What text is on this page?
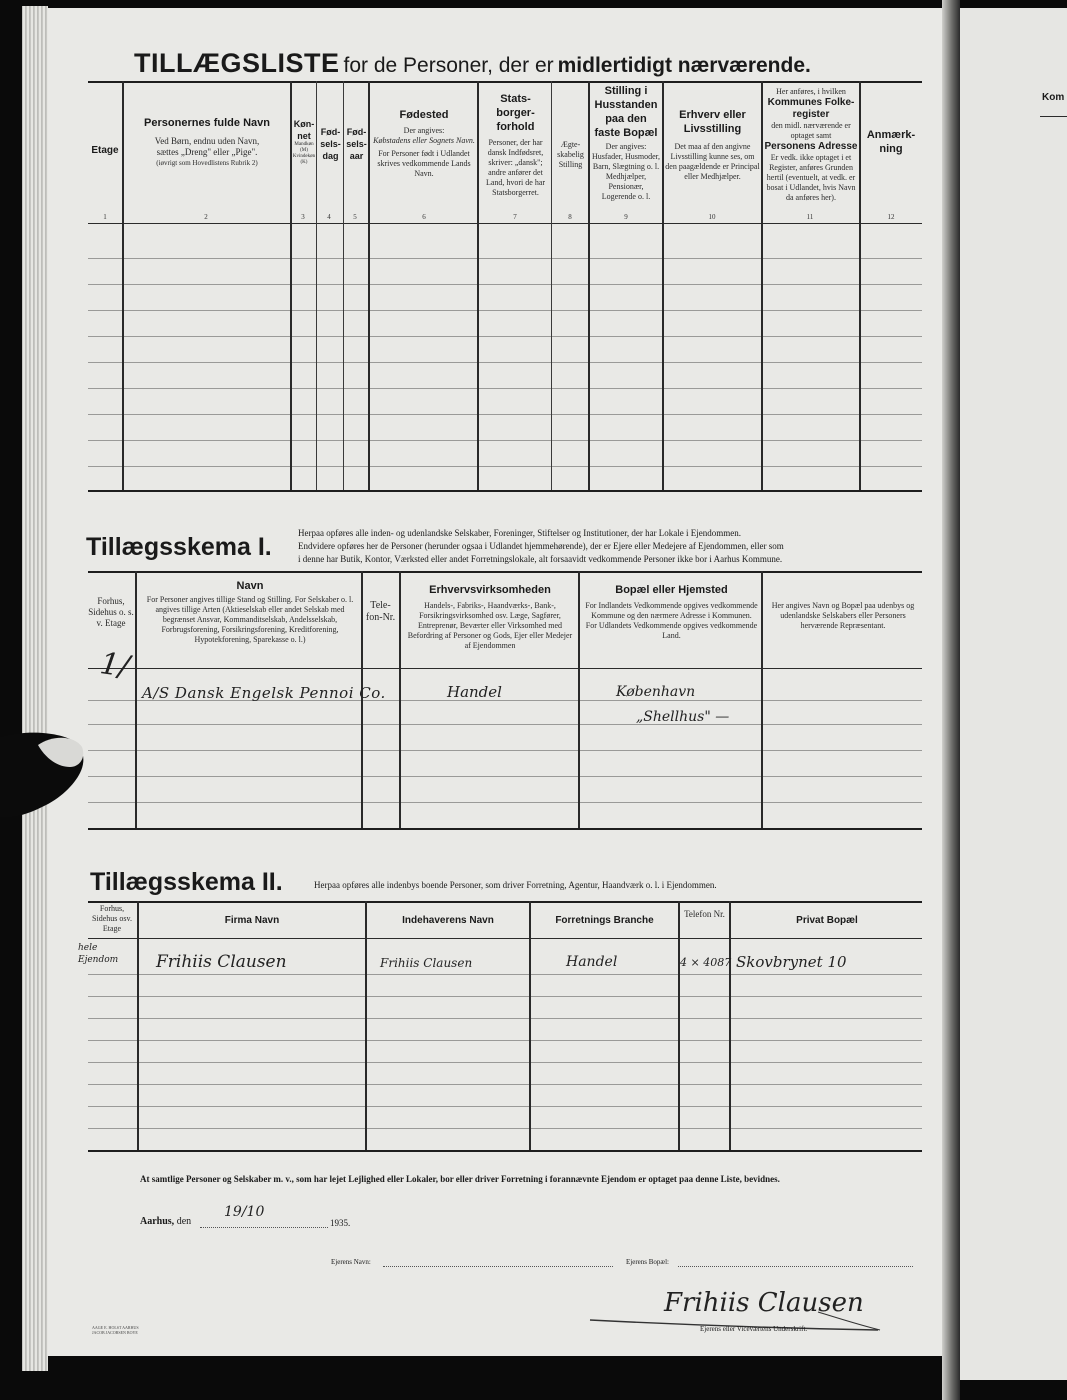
Kom
TILLÆGSLISTE for de Personer, der er midlertidigt nærværende.
Etage
Personernes fulde Navn
Ved Børn, endnu uden Navn,
sættes „Dreng" eller „Pige".
(iøvrigt som Hovedlistens Rubrik 2)
Køn-net
Mandkøn (M) Kvindekøn (K)
Fød-sels-dag
Fød-sels-aar
Fødested
Der angives:
Købstadens eller Sognets Navn.
For Personer født i Udlandet skrives vedkommende Lands Navn.
Stats-borger-forhold
Personer, der har dansk Indfødsret, skriver: „dansk"; andre anfører det Land, hvori de har Statsborgerret.
Ægte-skabelig Stilling
Stilling i Husstanden paa den faste Bopæl
Der angives: Husfader, Husmoder, Barn, Slægtning o. l. Medhjælper, Pensionær, Logerende o. l.
Erhverv eller Livsstilling
Det maa af den angivne Livsstilling kunne ses, om den paagældende er Principal eller Medhjælper.
Her anføres, i hvilken
Kommunes Folke-register
den midl. nærværende er optaget samt
Personens Adresse
Er vedk. ikke optaget i et Register, anføres Grunden hertil (eventuelt, at vedk. er bosat i Udlandet, hvis Navn da anføres her).
Anmærk-ning
1	2	3	4	5	6	7	8	9	10	11	12
Tillægsskema I.	Herpaa opføres alle inden- og udenlandske Selskaber, Foreninger, Stiftelser og Institutioner, der har Lokale i Ejendommen.
Endvidere opføres her de Personer (herunder ogsaa i Udlandet hjemmehørende), der er Ejere eller Medejere af Ejendommen, eller som
i denne har Butik, Kontor, Værksted eller andet Forretningslokale, alt forsaavidt vedkommende Personer ikke bor i Aarhus Kommune.
Forhus, Sidehus o. s. v. Etage
Navn
For Personer angives tillige Stand og Stilling. For Selskaber o. l. angives tillige Arten (Aktieselskab eller andet Selskab med begrænset Ansvar, Kommanditselskab, Andelsselskab, Forbrugsforening, Forsikringsforening, Kreditforening, Hypotekforening, Sparekasse o. l.)
Tele-fon-Nr.
Erhvervsvirksomheden
Handels-, Fabriks-, Haandværks-, Bank-, Forsikringsvirksomhed osv. Læge, Sagfører, Entreprenør, Beværter eller Virksomhed med Befordring af Personer og Gods, Ejer eller Medejer af Ejendommen
Bopæl eller Hjemsted
For Indlandets Vedkommende opgives vedkommende Kommune og den nærmere Adresse i Kommunen.
For Udlandets Vedkommende opgives vedkommende Land.
Her angives Navn og Bopæl paa udenbys og udenlandske Selskabers eller Personers herværende Repræsentant.
1/
A/S Dansk Engelsk Pennoi Co.	Handel	København
„Shellhus" —
Tillægsskema II.	Herpaa opføres alle indenbys boende Personer, som driver Forretning, Agentur, Haandværk o. l. i Ejendommen.
Forhus, Sidehus osv. Etage
Firma Navn	Indehaverens Navn	Forretnings Branche
Telefon Nr.
Privat Bopæl
hele Ejendom	Frihiis Clausen	Frihiis Clausen	Handel	4 × 4087 Skovbrynet 10
At samtlige Personer og Selskaber m. v., som har lejet Lejlighed eller Lokaler, bor eller driver Forretning i forannævnte Ejendom er optaget paa denne Liste, bevidnes.
Aarhus, den
19/10
1935.
Ejerens Navn:	Ejerens Bopæl:
Frihiis Clausen
Ejerens eller Viceværtens Underskrift.
AAGE E. HOLST AARHUS
JACOB JACOBSEN BOYE
